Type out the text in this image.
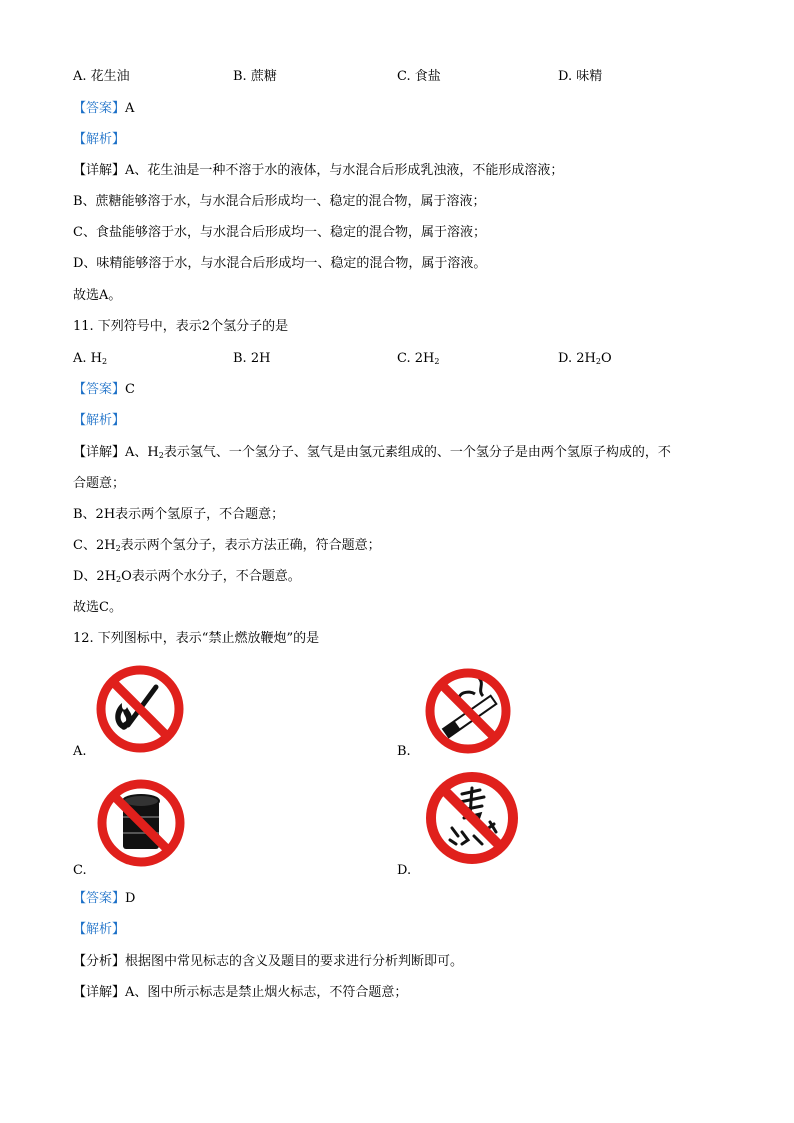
A. 花生油	B. 蔗糖	C. 食盐	D. 味精
【答案】A
【解析】
【详解】A、花生油是一种不溶于水的液体，与水混合后形成乳浊液，不能形成溶液；
B、蔗糖能够溶于水，与水混合后形成均一、稳定的混合物，属于溶液；
C、食盐能够溶于水，与水混合后形成均一、稳定的混合物，属于溶液；
D、味精能够溶于水，与水混合后形成均一、稳定的混合物，属于溶液。
故选A。
11. 下列符号中，表示2个氢分子的是
A. $H_2$	B. 2H	C. $2H_2$	D. $2H_2O$
【答案】C
【解析】
【详解】A、$H_2$表示氢气、一个氢分子、氢气是由氢元素组成的、一个氢分子是由两个氢原子构成的，不
合题意；
B、2H表示两个氢原子，不合题意；
C、$2H_2$表示两个氢分子，表示方法正确，符合题意；
D、$2H_2O$表示两个水分子，不合题意。
故选C。
12. 下列图标中，表示“禁止燃放鞭炮”的是
A.	B.
C.	D.
【答案】D
【解析】
【分析】根据图中常见标志的含义及题目的要求进行分析判断即可。
【详解】A、图中所示标志是禁止烟火标志，不符合题意；
